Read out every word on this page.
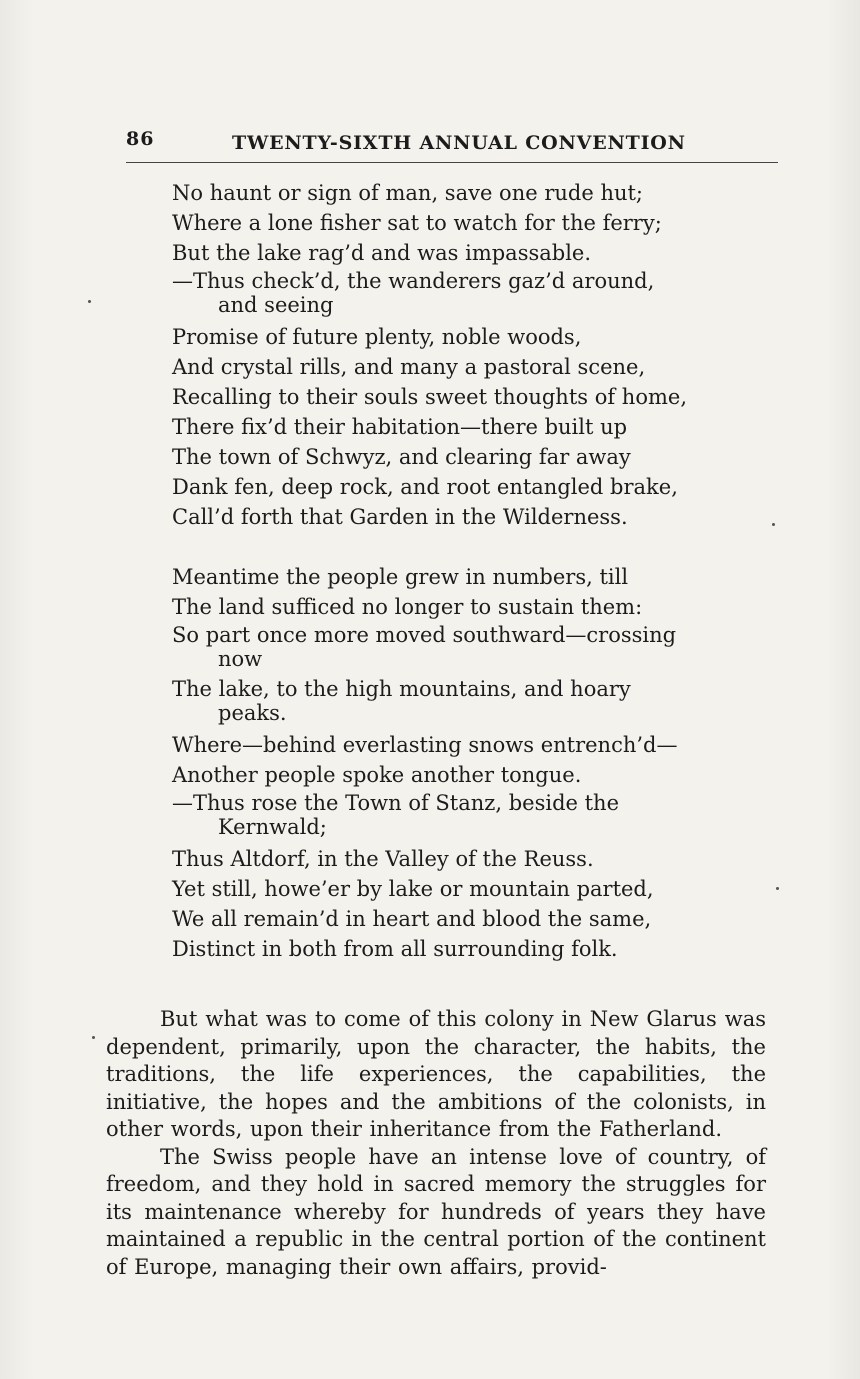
86	TWENTY-SIXTH ANNUAL CONVENTION
No haunt or sign of man, save one rude hut;
Where a lone fisher sat to watch for the ferry;
But the lake rag’d and was impassable.
—Thus check’d, the wanderers gaz’d around,
and seeing
Promise of future plenty, noble woods,
And crystal rills, and many a pastoral scene,
Recalling to their souls sweet thoughts of home,
There fix’d their habitation—there built up
The town of Schwyz, and clearing far away
Dank fen, deep rock, and root entangled brake,
Call’d forth that Garden in the Wilderness.
Meantime the people grew in numbers, till
The land sufficed no longer to sustain them:
So part once more moved southward—crossing
now
The lake, to the high mountains, and hoary
peaks.
Where—behind everlasting snows entrench’d—
Another people spoke another tongue.
—Thus rose the Town of Stanz, beside the
Kernwald;
Thus Altdorf, in the Valley of the Reuss.
Yet still, howe’er by lake or mountain parted,
We all remain’d in heart and blood the same,
Distinct in both from all surrounding folk.

But what was to come of this colony in New Glarus was dependent, primarily, upon the character, the habits, the traditions, the life experiences, the capabilities, the initiative, the hopes and the ambitions of the colonists, in other words, upon their inheritance from the Fatherland.

The Swiss people have an intense love of country, of freedom, and they hold in sacred memory the struggles for its maintenance whereby for hundreds of years they have maintained a republic in the central portion of the continent of Europe, managing their own affairs, provid-
